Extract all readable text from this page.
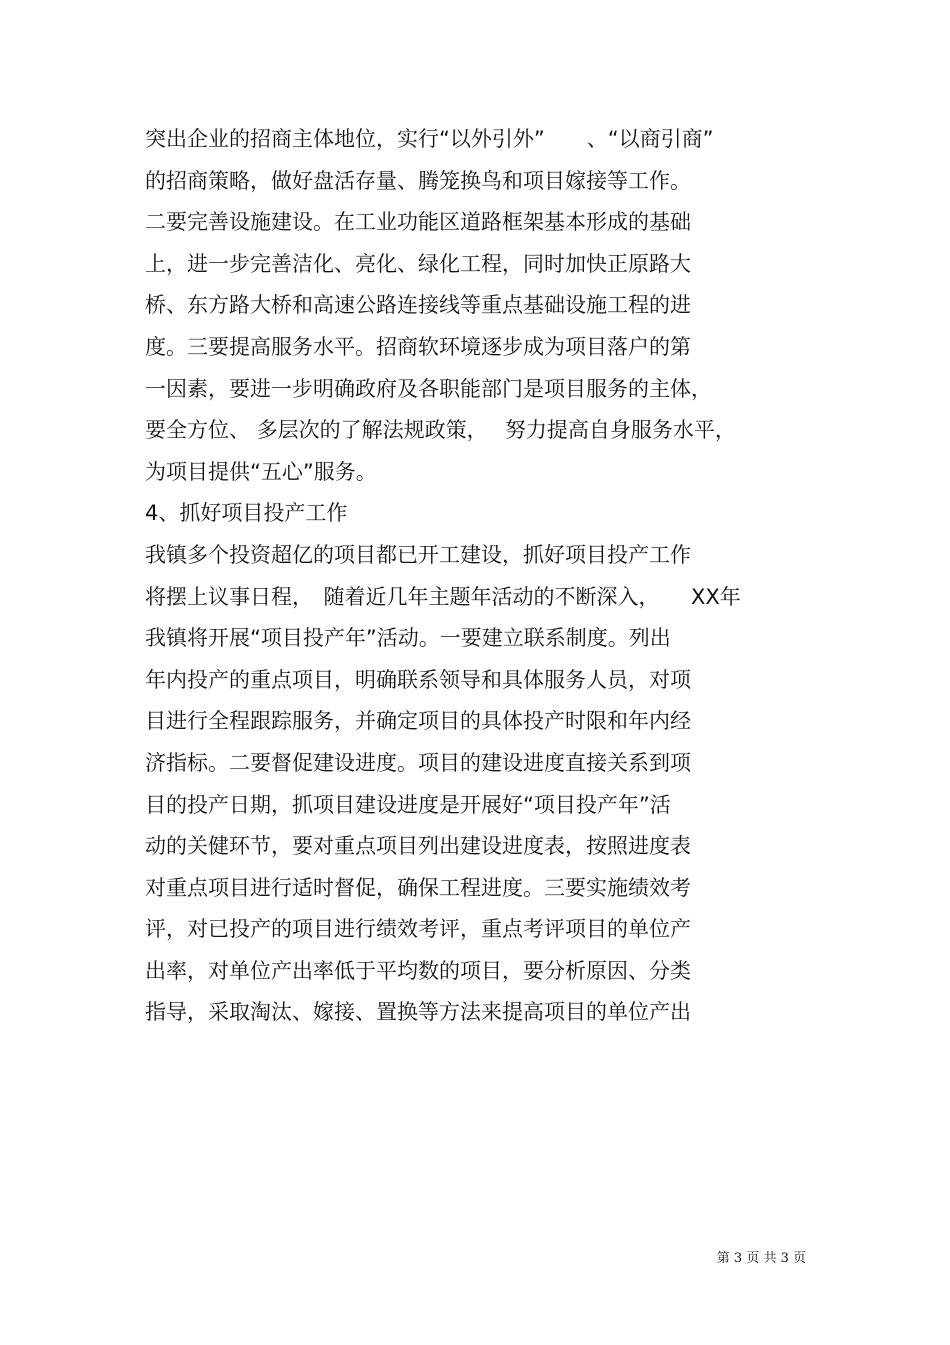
突出企业的招商主体地位，实行“以外引外”　　、“以商引商”
的招商策略，做好盘活存量、腾笼换鸟和项目嫁接等工作。
二要完善设施建设。在工业功能区道路框架基本形成的基础
上，进一步完善洁化、亮化、绿化工程，同时加快正原路大
桥、东方路大桥和高速公路连接线等重点基础设施工程的进
度。三要提高服务水平。招商软环境逐步成为项目落户的第
一因素，要进一步明确政府及各职能部门是项目服务的主体，
要全方位、 多层次的了解法规政策，　 努力提高自身服务水平，
为项目提供“五心”服务。
4、抓好项目投产工作
我镇多个投资超亿的项目都已开工建设，抓好项目投产工作
将摆上议事日程，　随着近几年主题年活动的不断深入，　　XX年
我镇将开展“项目投产年”活动。一要建立联系制度。列出
年内投产的重点项目，明确联系领导和具体服务人员，对项
目进行全程跟踪服务，并确定项目的具体投产时限和年内经
济指标。二要督促建设进度。项目的建设进度直接关系到项
目的投产日期，抓项目建设进度是开展好“项目投产年”活
动的关健环节，要对重点项目列出建设进度表，按照进度表
对重点项目进行适时督促，确保工程进度。三要实施绩效考
评，对已投产的项目进行绩效考评，重点考评项目的单位产
出率，对单位产出率低于平均数的项目，要分析原因、分类
指导，采取淘汰、嫁接、置换等方法来提高项目的单位产出
第 3 页 共 3 页
